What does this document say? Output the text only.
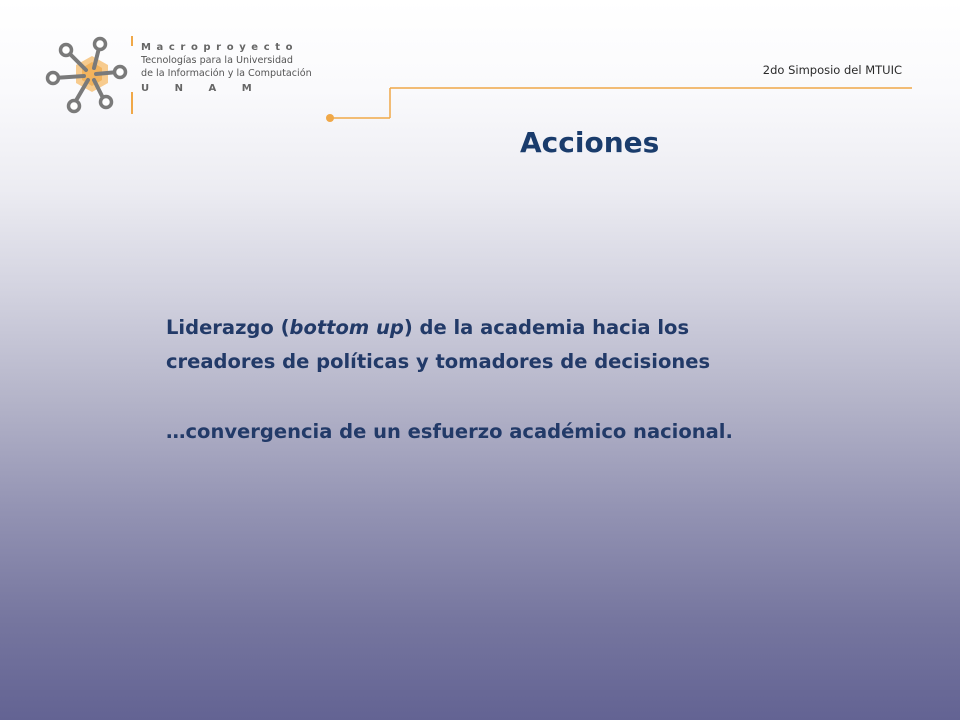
Macroproyecto
Tecnologías para la Universidad
de la Información y la Computación
UNAM
2do Simposio del MTUIC
Acciones

Liderazgo (bottom up) de la academia hacia los

creadores de políticas y tomadores de decisiones

…convergencia de un esfuerzo académico nacional.
